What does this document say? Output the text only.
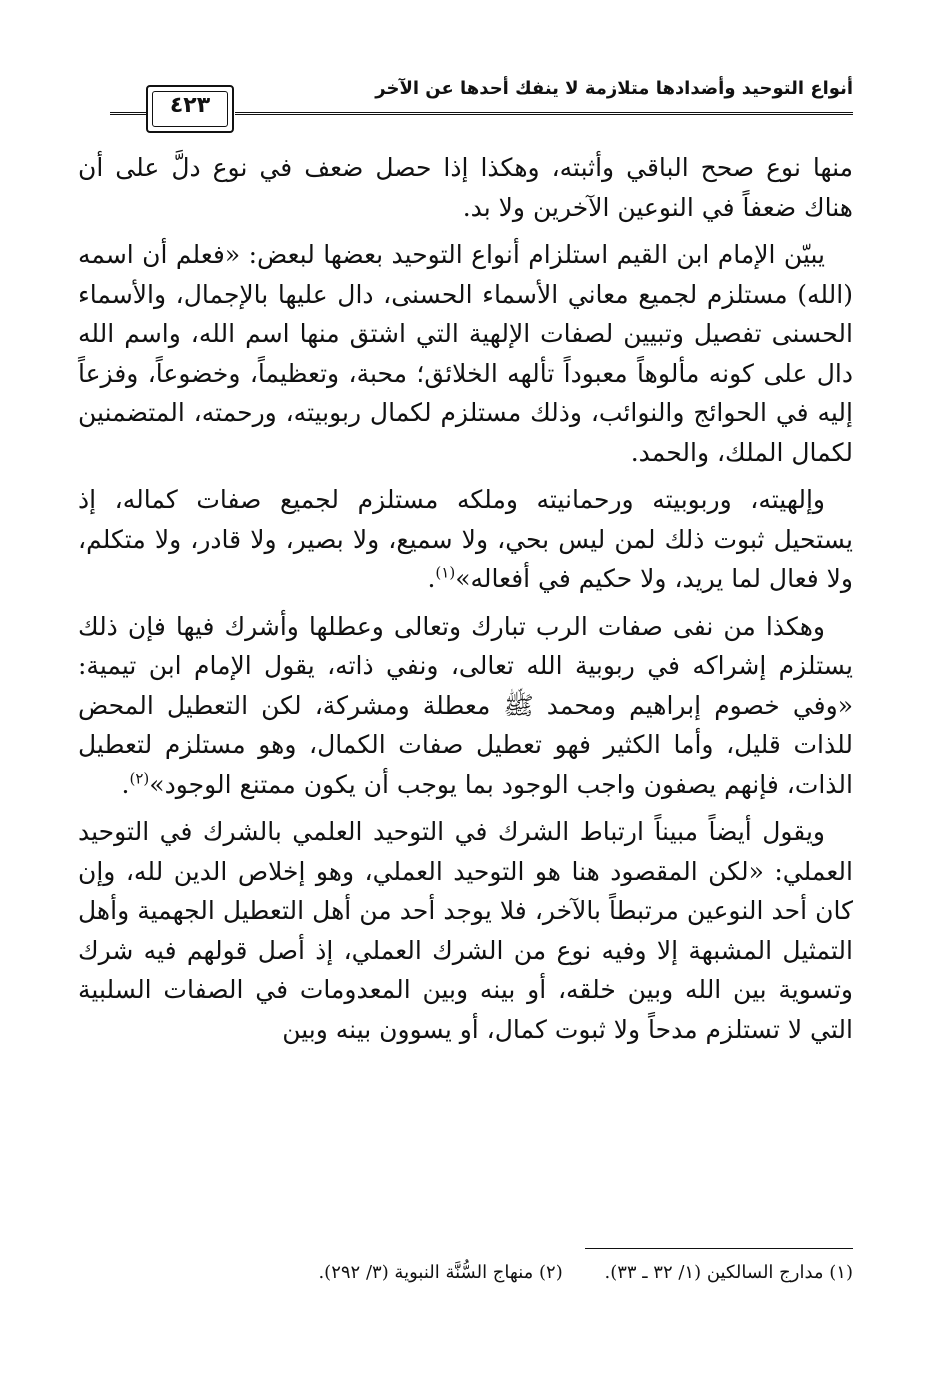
أنواع التوحيد وأضدادها متلازمة لا ينفك أحدها عن الآخر
٤٢٣

منها نوع صحح الباقي وأثبته، وهكذا إذا حصل ضعف في نوع دلَّ على أن هناك ضعفاً في النوعين الآخرين ولا بد.

يبيّن الإمام ابن القيم استلزام أنواع التوحيد بعضها لبعض: «فعلم أن اسمه (الله) مستلزم لجميع معاني الأسماء الحسنى، دال عليها بالإجمال، والأسماء الحسنى تفصيل وتبيين لصفات الإلهية التي اشتق منها اسم الله، واسم الله دال على كونه مألوهاً معبوداً تألهه الخلائق؛ محبة، وتعظيماً، وخضوعاً، وفزعاً إليه في الحوائج والنوائب، وذلك مستلزم لكمال ربوبيته، ورحمته، المتضمنين لكمال الملك، والحمد.

وإلهيته، وربوبيته ورحمانيته وملكه مستلزم لجميع صفات كماله، إذ يستحيل ثبوت ذلك لمن ليس بحي، ولا سميع، ولا بصير، ولا قادر، ولا متكلم، ولا فعال لما يريد، ولا حكيم في أفعاله»$^{(١)}$.

وهكذا من نفى صفات الرب تبارك وتعالى وعطلها وأشرك فيها فإن ذلك يستلزم إشراكه في ربوبية الله تعالى، ونفي ذاته، يقول الإمام ابن تيمية: «وفي خصوم إبراهيم ومحمد ﷺ معطلة ومشركة، لكن التعطيل المحض للذات قليل، وأما الكثير فهو تعطيل صفات الكمال، وهو مستلزم لتعطيل الذات، فإنهم يصفون واجب الوجود بما يوجب أن يكون ممتنع الوجود»$^{(٢)}$.

ويقول أيضاً مبيناً ارتباط الشرك في التوحيد العلمي بالشرك في التوحيد العملي: «لكن المقصود هنا هو التوحيد العملي، وهو إخلاص الدين لله، وإن كان أحد النوعين مرتبطاً بالآخر، فلا يوجد أحد من أهل التعطيل الجهمية وأهل التمثيل المشبهة إلا وفيه نوع من الشرك العملي، إذ أصل قولهم فيه شرك وتسوية بين الله وبين خلقه، أو بينه وبين المعدومات في الصفات السلبية التي لا تستلزم مدحاً ولا ثبوت كمال، أو يسوون بينه وبين

(١) مدارج السالكين (١/ ٣٢ ـ ٣٣). (٢) منهاج السُّنَّة النبوية (٣/ ٢٩٢).
